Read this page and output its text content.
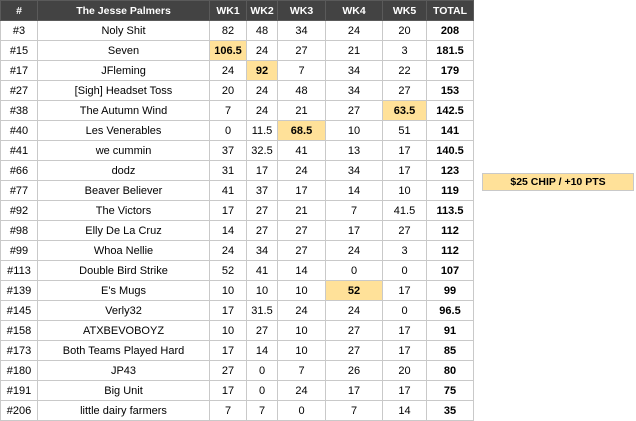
#	The Jesse Palmers	WK1	WK2	WK3	WK4	WK5	TOTAL
#3	Noly Shit	82	48	34	24	20	208
#15	Seven	106.5	24	27	21	3	181.5
#17	JFleming	24	92	7	34	22	179
#27	[Sigh] Headset Toss	20	24	48	34	27	153
#38	The Autumn Wind	7	24	21	27	63.5	142.5
#40	Les Venerables	0	11.5	68.5	10	51	141
#41	we cummin	37	32.5	41	13	17	140.5
#66	dodz	31	17	24	34	17	123
#77	Beaver Believer	41	37	17	14	10	119
#92	The Victors	17	27	21	7	41.5	113.5
#98	Elly De La Cruz	14	27	27	17	27	112
#99	Whoa Nellie	24	34	27	24	3	112
#113	Double Bird Strike	52	41	14	0	0	107
#139	E's Mugs	10	10	10	52	17	99
#145	Verly32	17	31.5	24	24	0	96.5
#158	ATXBEVOBOYZ	10	27	10	27	17	91
#173	Both Teams Played Hard	17	14	10	27	17	85
#180	JP43	27	0	7	26	20	80
#191	Big Unit	17	0	24	17	17	75
#206	little dairy farmers	7	7	0	7	14	35
$25 CHIP / +10 PTS
